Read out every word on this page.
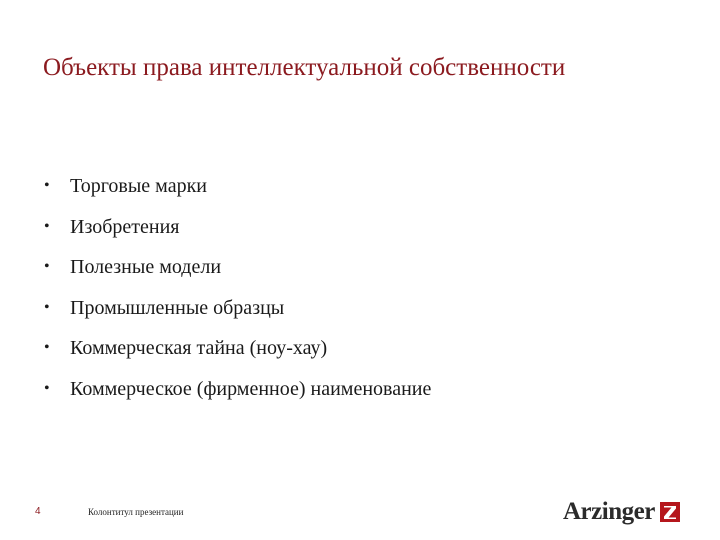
Объекты права интеллектуальной собственности
•	Торговые марки
•	Изобретения
•	Полезные модели
•	Промышленные образцы
•	Коммерческая тайна (ноу-хау)
•	Коммерческое (фирменное) наименование
4	Колонтитул презентации	Arzinger
